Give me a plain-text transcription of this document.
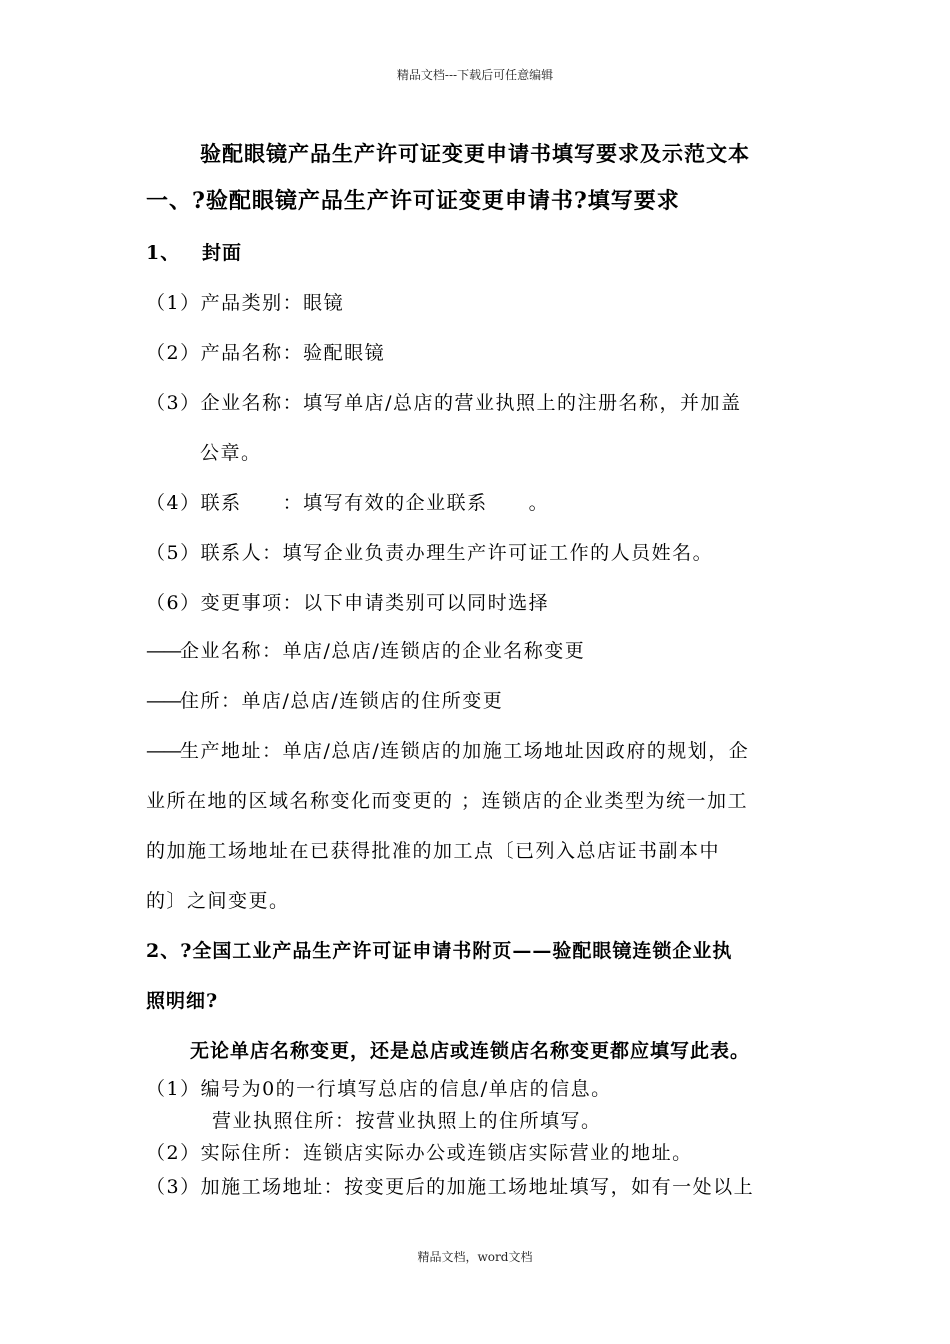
精品文档---下载后可任意编辑
验配眼镜产品生产许可证变更申请书填写要求及示范文本
一、?验配眼镜产品生产许可证变更申请书?填写要求
1、 封面
（1）产品类别：眼镜
（2）产品名称：验配眼镜
（3）企业名称：填写单店/总店的营业执照上的注册名称，并加盖
公章。
（4）联系　　：填写有效的企业联系　　。
（5）联系人：填写企业负责办理生产许可证工作的人员姓名。
（6）变更事项：以下申请类别可以同时选择
——企业名称：单店/总店/连锁店的企业名称变更
——住所：单店/总店/连锁店的住所变更
——生产地址：单店/总店/连锁店的加施工场地址因政府的规划，企
业所在地的区域名称变化而变更的 ；连锁店的企业类型为统一加工
的加施工场地址在已获得批准的加工点〔已列入总店证书副本中
的〕之间变更。
2、?全国工业产品生产许可证申请书附页——验配眼镜连锁企业执
照明细?
无论单店名称变更，还是总店或连锁店名称变更都应填写此表。
（1）编号为0的一行填写总店的信息/单店的信息。
营业执照住所：按营业执照上的住所填写。
（2）实际住所：连锁店实际办公或连锁店实际营业的地址。
（3）加施工场地址：按变更后的加施工场地址填写，如有一处以上
精品文档，word文档
